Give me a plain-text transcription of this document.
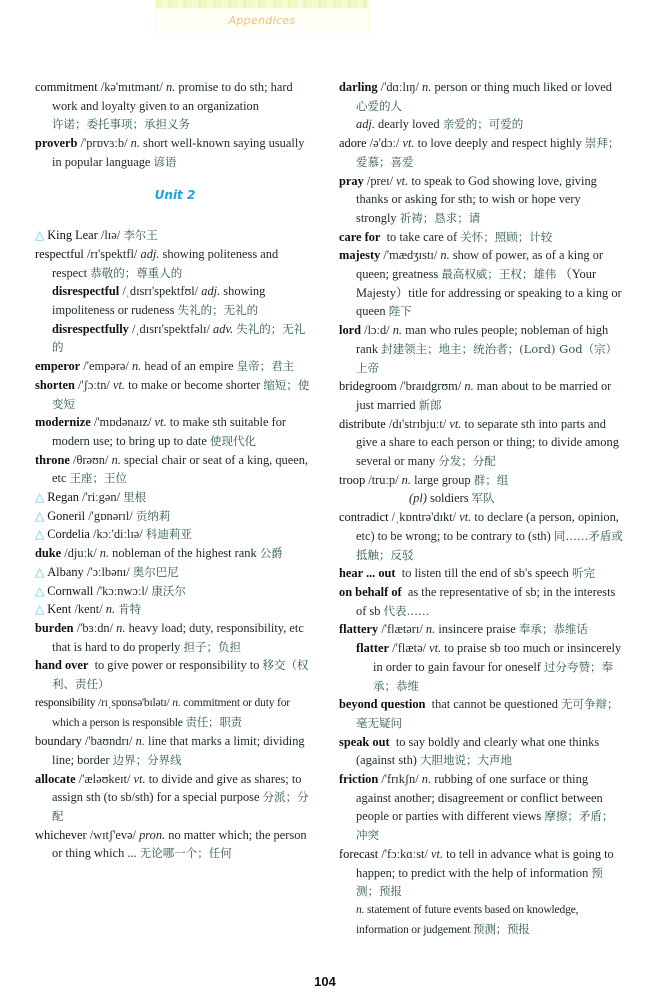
Appendices

commitment /kə'mɪtmənt/ n. promise to do sth; hard work and loyalty given to an organization
许诺；委托事项；承担义务

proverb /'prɒvɜːb/ n. short well-known saying usually in popular language 谚语

Unit 2

△ King Lear /lɪə/ 李尔王

respectful /rɪ'spektfl/ adj. showing politeness and respect 恭敬的；尊重人的

disrespectful /ˌdɪsrɪ'spektfʊl/ adj. showing impoliteness or rudeness 失礼的；无礼的

disrespectfully /ˌdɪsrɪ'spektfəlɪ/ adv. 失礼的；无礼的

emperor /'empərə/ n. head of an empire 皇帝；君主

shorten /'ʃɔːtn/ vt. to make or become shorter 缩短；使变短

modernize /'mɒdənaɪz/ vt. to make sth suitable for modern use; to bring up to date 使现代化

throne /θrəʊn/ n. special chair or seat of a king, queen, etc 王座；王位

△ Regan /'riːgən/ 里根

△ Goneril /'gɒnərɪl/ 贡纳莉

△ Cordelia /kɔː'diːlɪə/ 科迪莉亚

duke /djuːk/ n. nobleman of the highest rank 公爵

△ Albany /'ɔːlbənɪ/ 奥尔巴尼

△ Cornwall /'kɔːnwɔːl/ 康沃尔

△ Kent /kent/ n. 肯特

burden /'bɜːdn/ n. heavy load; duty, responsibility, etc that is hard to do properly 担子；负担

hand over to give power or responsibility to 移交（权利、责任）

responsibility /rɪˌspɒnsə'bɪlətɪ/ n. commitment or duty for which a person is responsible 责任；职责

boundary /'baʊndrɪ/ n. line that marks a limit; dividing line; border 边界；分界线

allocate /'æləʊkeɪt/ vt. to divide and give as shares; to assign sth (to sb/sth) for a special purpose 分派；分配

whichever /wɪtʃ'evə/ pron. no matter which; the person or thing which ... 无论哪一个；任何

darling /'dɑːlɪŋ/ n. person or thing much liked or loved 心爱的人

adj. dearly loved 亲爱的；可爱的

adore /ə'dɔː/ vt. to love deeply and respect highly 崇拜；爱慕；喜爱

pray /preɪ/ vt. to speak to God showing love, giving thanks or asking for sth; to wish or hope very strongly 祈祷；恳求；请

care for to take care of 关怀；照顾；计较

majesty /'mædʒɪstɪ/ n. show of power, as of a king or queen; greatness 最高权威；王权；雄伟 （Your Majesty）title for addressing or speaking to a king or queen 陛下

lord /lɔːd/ n. man who rules people; nobleman of high rank 封建领主；地主；统治者；(Lord) God（宗）上帝

bridegroom /'braɪdgrʊm/ n. man about to be married or just married 新郎

distribute /dɪ'strɪbjuːt/ vt. to separate sth into parts and give a share to each person or thing; to divide among several or many 分发；分配

troop /truːp/ n. large group 群；组

(pl) soldiers 军队

contradict /ˌkɒntrə'dɪkt/ vt. to declare (a person, opinion, etc) to be wrong; to be contrary to (sth) 同……矛盾或抵触；反驳

hear ... out to listen till the end of sb's speech 听完

on behalf of as the representative of sb; in the interests of sb 代表……

flattery /'flætərɪ/ n. insincere praise 奉承；恭维话

flatter /'flætə/ vt. to praise sb too much or insincerely in order to gain favour for oneself 过分夸赞；奉承；恭维

beyond question that cannot be questioned 无可争辩；毫无疑问

speak out to say boldly and clearly what one thinks (against sth) 大胆地说；大声地

friction /'frɪkʃn/ n. rubbing of one surface or thing against another; disagreement or conflict between people or parties with different views 摩擦；矛盾；冲突

forecast /'fɔːkɑːst/ vt. to tell in advance what is going to happen; to predict with the help of information 预测；预报

n. statement of future events based on knowledge, information or judgement 预测；预报

104
